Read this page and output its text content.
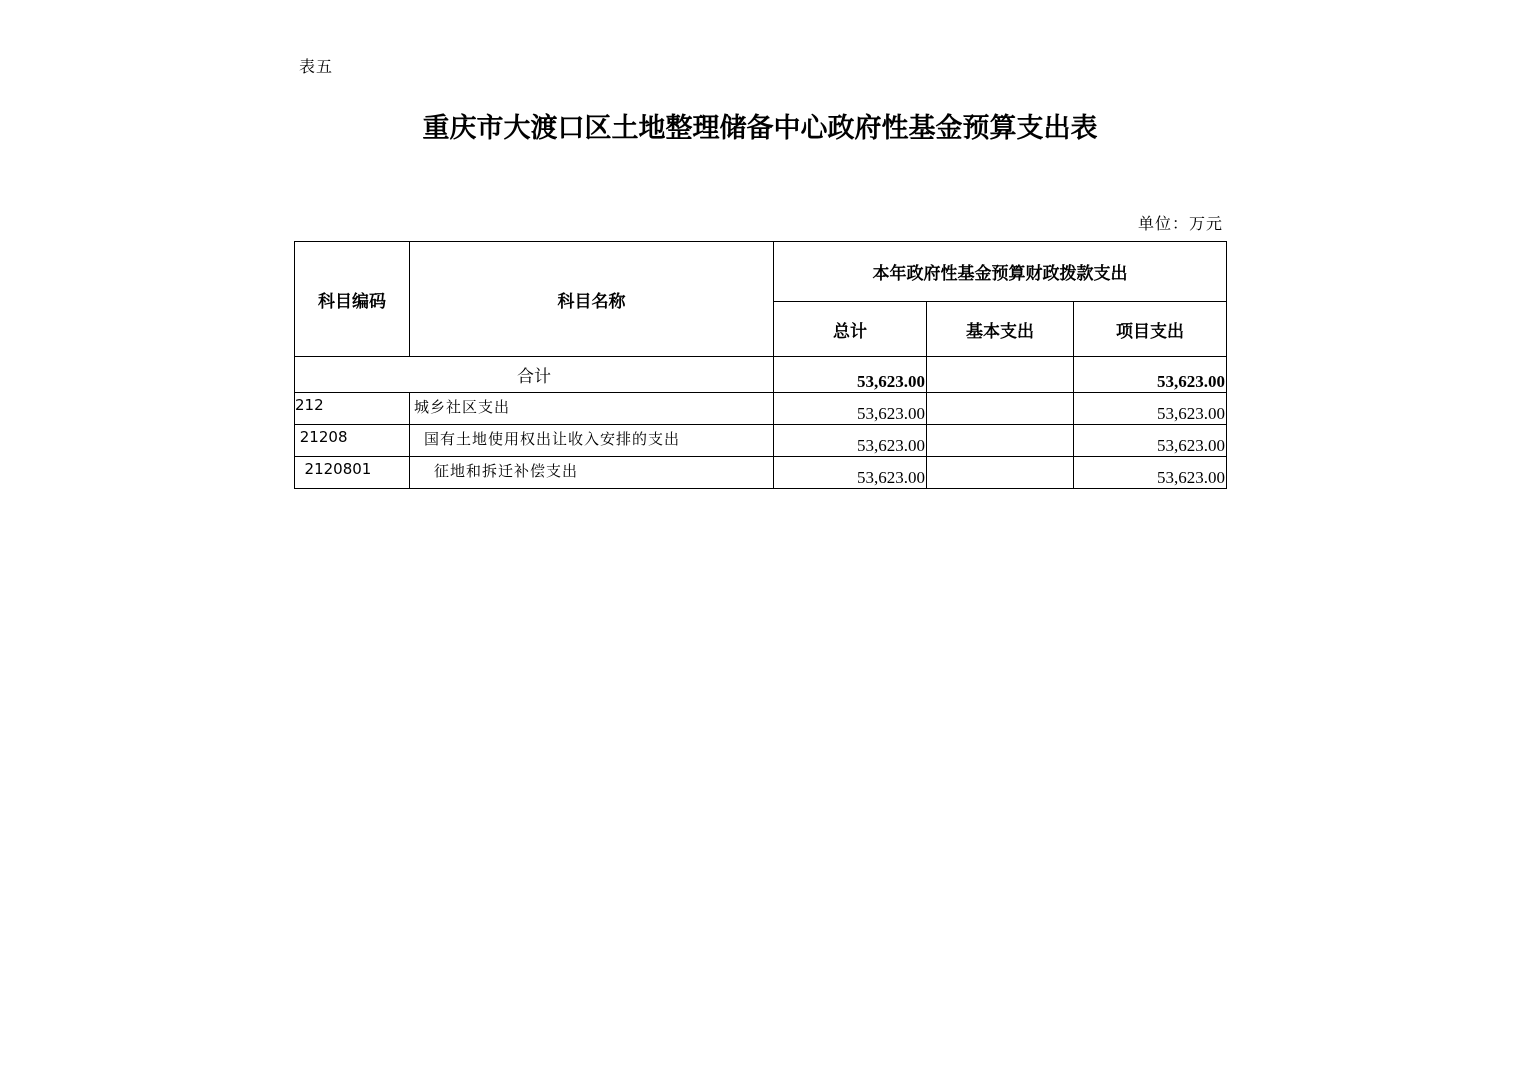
表五
重庆市大渡口区土地整理储备中心政府性基金预算支出表
单位：万元
科目编码	科目名称	本年政府性基金预算财政拨款支出		
		总计	基本支出	项目支出
合计		53,623.00		53,623.00
212	城乡社区支出	53,623.00		53,623.00
21208	国有土地使用权出让收入安排的支出	53,623.00		53,623.00
2120801	征地和拆迁补偿支出	53,623.00		53,623.00
